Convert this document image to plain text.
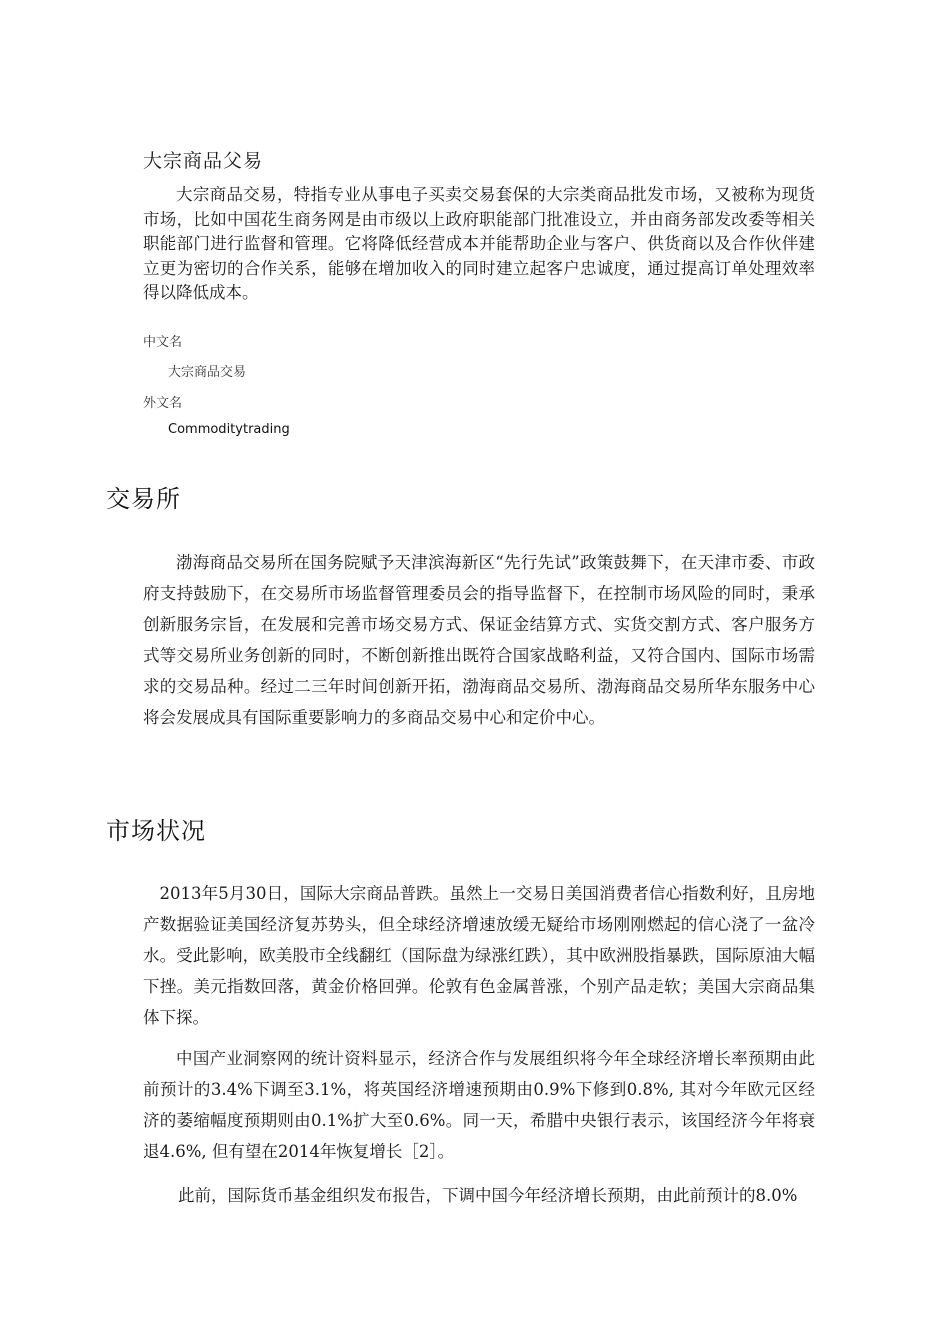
大宗商品父易
大宗商品交易，特指专业从事电子买卖交易套保的大宗类商品批发市场，又被称为现货市场，比如中国花生商务网是由市级以上政府职能部门批准设立，并由商务部发改委等相关职能部门进行监督和管理。它将降低经营成本并能帮助企业与客户、供货商以及合作伙伴建立更为密切的合作关系，能够在增加收入的同时建立起客户忠诚度，通过提高订单处理效率得以降低成本。
中文名
大宗商品交易
外文名
Commoditytrading
交易所
渤海商品交易所在国务院赋予天津滨海新区“先行先试”政策鼓舞下，在天津市委、市政府支持鼓励下，在交易所市场监督管理委员会的指导监督下，在控制市场风险的同时，秉承创新服务宗旨，在发展和完善市场交易方式、保证金结算方式、实货交割方式、客户服务方式等交易所业务创新的同时，不断创新推出既符合国家战略利益，又符合国内、国际市场需求的交易品种。经过二三年时间创新开拓，渤海商品交易所、渤海商品交易所华东服务中心将会发展成具有国际重要影响力的多商品交易中心和定价中心。
市场状况
2013年5月30日，国际大宗商品普跌。虽然上一交易日美国消费者信心指数利好，且房地产数据验证美国经济复苏势头，但全球经济增速放缓无疑给市场刚刚燃起的信心浇了一盆冷水。受此影响，欧美股市全线翻红（国际盘为绿涨红跌），其中欧洲股指暴跌，国际原油大幅下挫。美元指数回落，黄金价格回弹。伦敦有色金属普涨，个别产品走软；美国大宗商品集体下探。
中国产业洞察网的统计资料显示，经济合作与发展组织将今年全球经济增长率预期由此前预计的3.4%下调至3.1%，将英国经济增速预期由0.9%下修到0.8%, 其对今年欧元区经济的萎缩幅度预期则由0.1%扩大至0.6%。同一天，希腊中央银行表示，该国经济今年将衰退4.6%, 但有望在2014年恢复增长［2］。
此前，国际货币基金组织发布报告，下调中国今年经济增长预期，由此前预计的8.0%
